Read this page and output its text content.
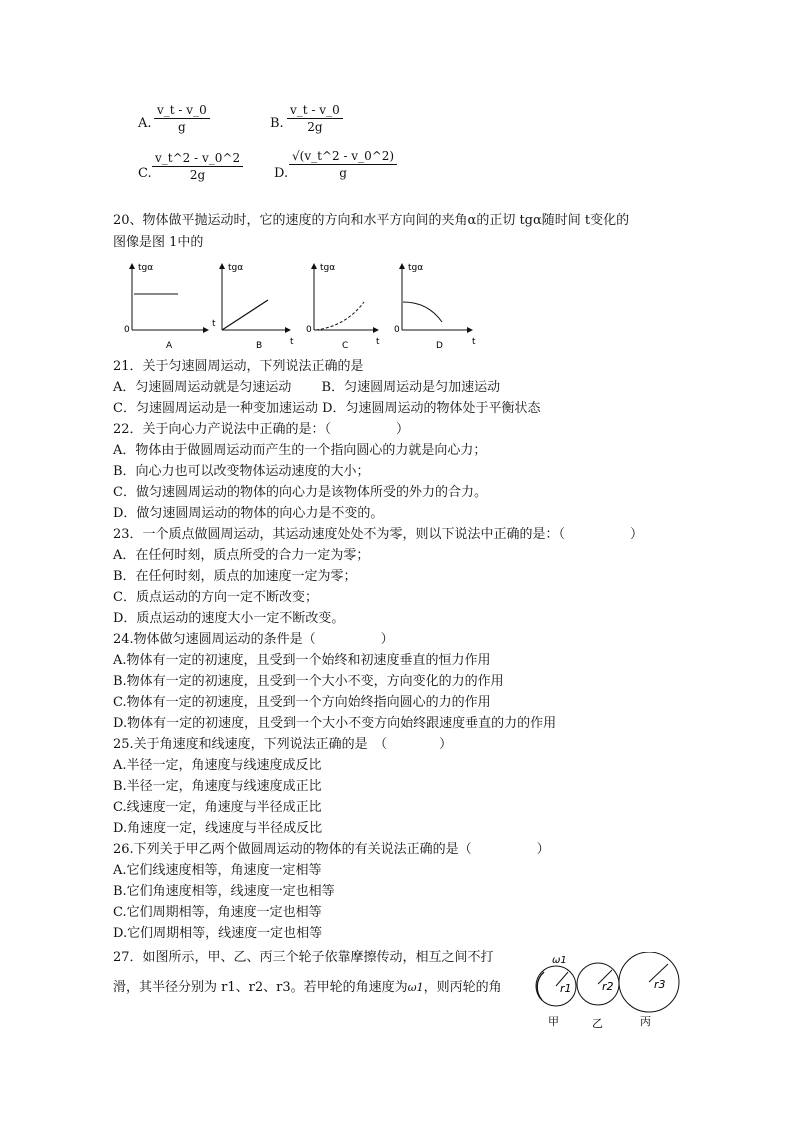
A. $\frac{v\_t - v\_0}{g}$	B. $\frac{v\_t - v\_0}{2g}$
C. $\frac{v\_t\^{}2 - v\_0\^{}2}{2g} D$. $\frac{√(v\_t\^{}2 - v\_0\^{}2)}{g}$
20、物体做平抛运动时，它的速度的方向和水平方向间的夹角α的正切 tgα随时间 t变化的
图像是图 1中的
tgα
t
0
A
tgα
t
B
tgα
t
0
C
tgα
t
0
D
21．关于匀速圆周运动，下列说法正确的是
A．匀速圆周运动就是匀速运动　　 B．匀速圆周运动是匀加速运动
C．匀速圆周运动是一种变加速运动 D．匀速圆周运动的物体处于平衡状态
22．关于向心力产说法中正确的是：（　　　　　）
A．物体由于做圆周运动而产生的一个指向圆心的力就是向心力；
B．向心力也可以改变物体运动速度的大小；
C．做匀速圆周运动的物体的向心力是该物体所受的外力的合力。
D．做匀速圆周运动的物体的向心力是不变的。
23．一个质点做圆周运动，其运动速度处处不为零，则以下说法中正确的是：（　　　　　）
A．在任何时刻，质点所受的合力一定为零；
B．在任何时刻，质点的加速度一定为零；
C．质点运动的方向一定不断改变；
D．质点运动的速度大小一定不断改变。
24.物体做匀速圆周运动的条件是（　　　　　）
A.物体有一定的初速度，且受到一个始终和初速度垂直的恒力作用
B.物体有一定的初速度，且受到一个大小不变，方向变化的力的作用
C.物体有一定的初速度，且受到一个方向始终指向圆心的力的作用
D.物体有一定的初速度，且受到一个大小不变方向始终跟速度垂直的力的作用
25.关于角速度和线速度，下列说法正确的是　（　　　　）
A.半径一定，角速度与线速度成反比
B.半径一定，角速度与线速度成正比
C.线速度一定，角速度与半径成正比
D.角速度一定，线速度与半径成反比
26.下列关于甲乙两个做圆周运动的物体的有关说法正确的是（　　　　　）
A.它们线速度相等，角速度一定相等
B.它们角速度相等，线速度一定也相等
C.它们周期相等，角速度一定也相等
D.它们周期相等，线速度一定也相等
27．如图所示，甲、乙、丙三个轮子依靠摩擦传动，相互之间不打
滑，其半径分别为 r1、r2、r3。若甲轮的角速度为ω1，则丙轮的角
ω1
r1
甲
r2
乙
r3
丙
